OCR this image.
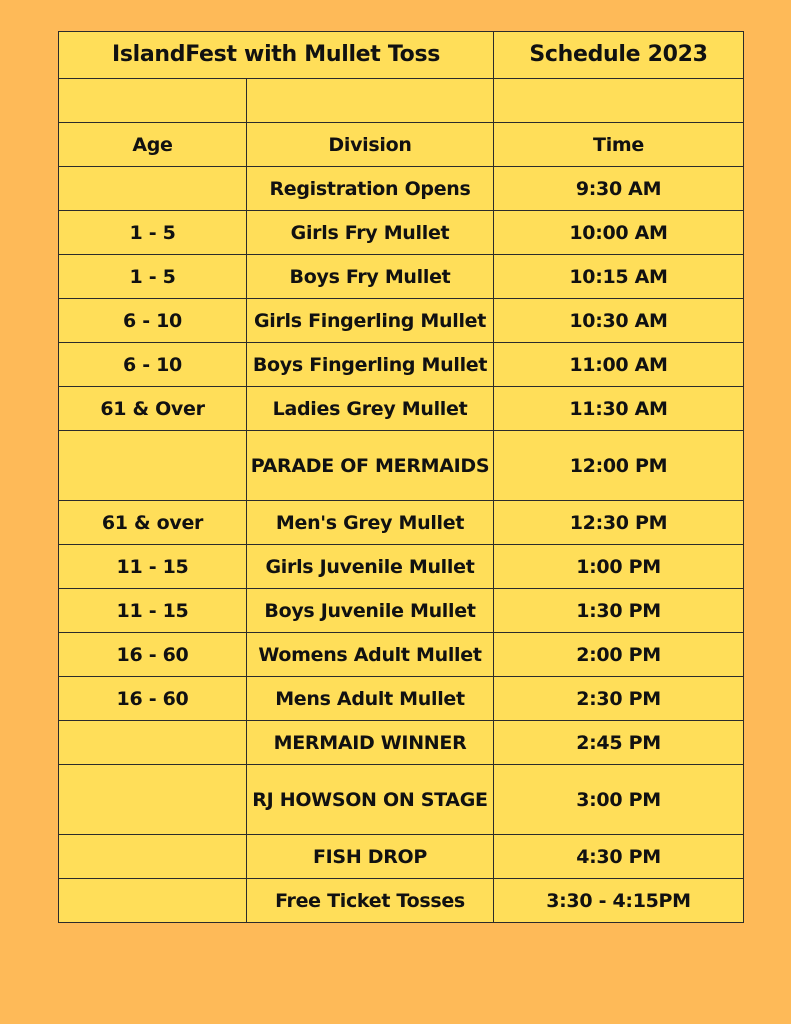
IslandFest with Mullet Toss		Schedule 2023

Age	Division	Time
	Registration Opens	9:30 AM
1 - 5	Girls Fry Mullet	10:00 AM
1 - 5	Boys Fry Mullet	10:15 AM
6 - 10	Girls Fingerling Mullet	10:30 AM
6 - 10	Boys Fingerling Mullet	11:00 AM
61 & Over	Ladies Grey Mullet	11:30 AM
	PARADE OF MERMAIDS	12:00 PM
61 & over	Men's Grey Mullet	12:30 PM
11 - 15	Girls Juvenile Mullet	1:00 PM
11 - 15	Boys Juvenile Mullet	1:30 PM
16 - 60	Womens Adult Mullet	2:00 PM
16 - 60	Mens Adult Mullet	2:30 PM
	MERMAID WINNER	2:45 PM
	RJ HOWSON ON STAGE	3:00 PM
	FISH DROP	4:30 PM
	Free Ticket Tosses	3:30 - 4:15PM
